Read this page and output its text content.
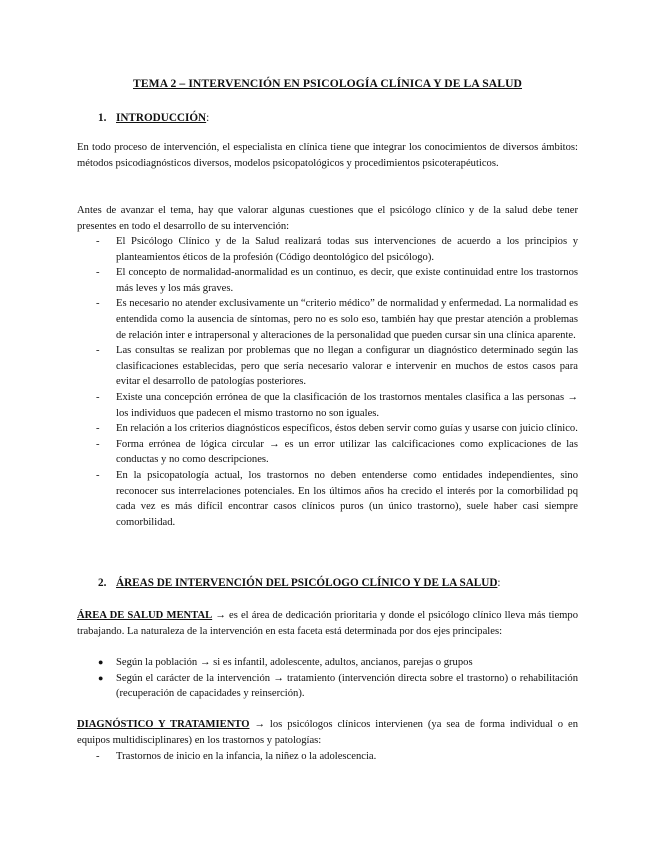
TEMA 2 – INTERVENCIÓN EN PSICOLOGÍA CLÍNICA Y DE LA SALUD
1. INTRODUCCIÓN:
En todo proceso de intervención, el especialista en clínica tiene que integrar los conocimientos de diversos ámbitos: métodos psicodiagnósticos diversos, modelos psicopatológicos y procedimientos psicoterapéuticos.
Antes de avanzar el tema, hay que valorar algunas cuestiones que el psicólogo clínico y de la salud debe tener presentes en todo el desarrollo de su intervención:
- El Psicólogo Clínico y de la Salud realizará todas sus intervenciones de acuerdo a los principios y planteamientos éticos de la profesión (Código deontológico del psicólogo).
- El concepto de normalidad-anormalidad es un continuo, es decir, que existe continuidad entre los trastornos más leves y los más graves.
- Es necesario no atender exclusivamente un “criterio médico” de normalidad y enfermedad. La normalidad es entendida como la ausencia de síntomas, pero no es solo eso, también hay que prestar atención a problemas de relación inter e intrapersonal y alteraciones de la personalidad que pueden cursar sin una clínica aparente.
- Las consultas se realizan por problemas que no llegan a configurar un diagnóstico determinado según las clasificaciones establecidas, pero que sería necesario valorar e intervenir en muchos de estos casos para evitar el desarrollo de patologías posteriores.
- Existe una concepción errónea de que la clasificación de los trastornos mentales clasifica a las personas → los individuos que padecen el mismo trastorno no son iguales.
- En relación a los criterios diagnósticos específicos, éstos deben servir como guías y usarse con juicio clínico.
- Forma errónea de lógica circular → es un error utilizar las calcificaciones como explicaciones de las conductas y no como descripciones.
- En la psicopatología actual, los trastornos no deben entenderse como entidades independientes, sino reconocer sus interrelaciones potenciales. En los últimos años ha crecido el interés por la comorbilidad pq cada vez es más difícil encontrar casos clínicos puros (un único trastorno), suele haber casi siempre comorbilidad.
2. ÁREAS DE INTERVENCIÓN DEL PSICÓLOGO CLÍNICO Y DE LA SALUD:
ÁREA DE SALUD MENTAL → es el área de dedicación prioritaria y donde el psicólogo clínico lleva más tiempo trabajando. La naturaleza de la intervención en esta faceta está determinada por dos ejes principales:
● Según la población → si es infantil, adolescente, adultos, ancianos, parejas o grupos
● Según el carácter de la intervención → tratamiento (intervención directa sobre el trastorno) o rehabilitación (recuperación de capacidades y reinserción).
DIAGNÓSTICO Y TRATAMIENTO → los psicólogos clínicos intervienen (ya sea de forma individual o en equipos multidisciplinares) en los trastornos y patologías:
- Trastornos de inicio en la infancia, la niñez o la adolescencia.
